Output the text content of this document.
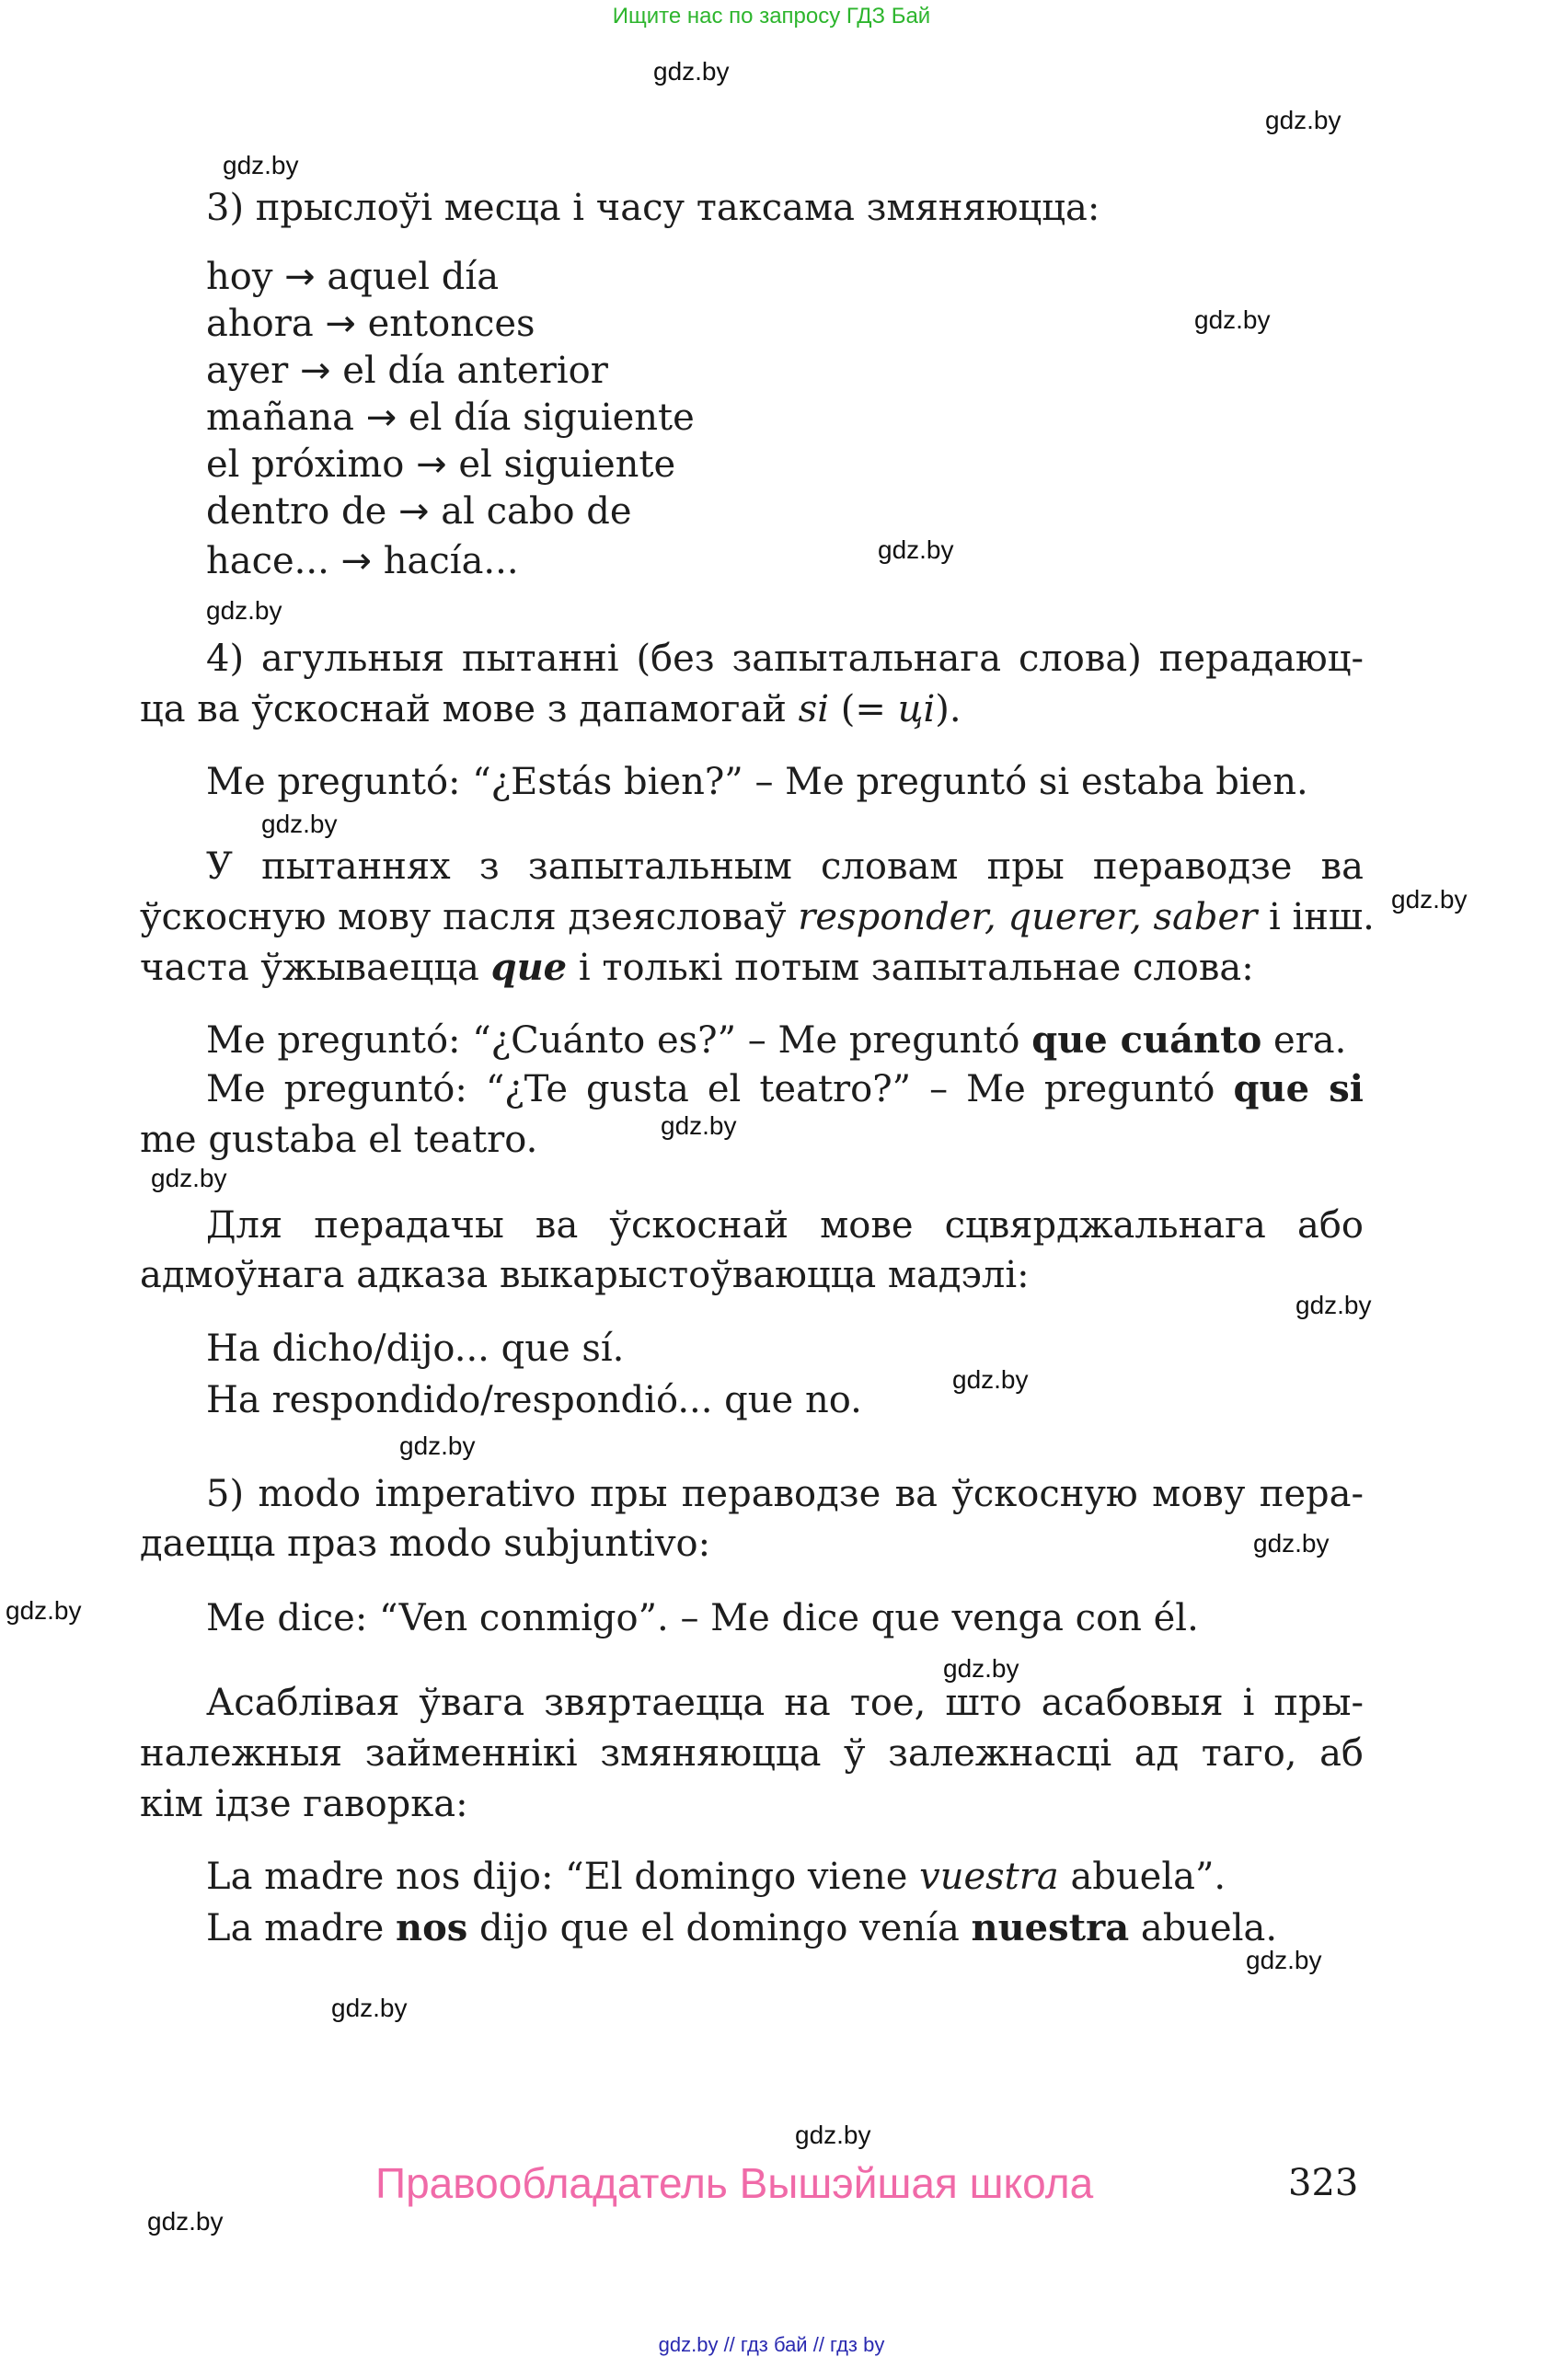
Ищите нас по запросу ГДЗ Бай
gdz.by
gdz.by
gdz.by
gdz.by
gdz.by
gdz.by
gdz.by
gdz.by
gdz.by
gdz.by
gdz.by
gdz.by
gdz.by
gdz.by
gdz.by
gdz.by
gdz.by
gdz.by
gdz.by
gdz.by
3) прыслоўі месца і часу таксама змяняюцца:
hoy → aquel día
ahora → entonces
ayer → el día anterior
mañana → el día siguiente
el próximo → el siguiente
dentro de → al cabo de
hace... → hacía...
4) агульныя пытанні (без запытальнага слова) перадаюц-
ца ва ўскоснай мове з дапамогай si (= ці).
Me preguntó: “¿Estás bien?” – Me preguntó si estaba bien.
У пытаннях з запытальным словам пры пераводзе ва
ўскосную мову пасля дзеясловаў responder, querer, saber і інш.
часта ўжываецца que і толькі потым запытальнае слова:
Me preguntó: “¿Cuánto es?” – Me preguntó que cuánto era.
Me preguntó: “¿Te gusta el teatro?” – Me preguntó que si
me gustaba el teatro.
Для перадачы ва ўскоснай мове сцвярджальнага або
адмоўнага адказа выкарыстоўваюцца мадэлі:
Ha dicho/dijo... que sí.
Ha respondido/respondió... que no.
5) modo imperativo пры пераводзе ва ўскосную мову пера-
даецца праз modo subjuntivo:
Me dice: “Ven conmigo”. – Me dice que venga con él.
Асаблівая ўвага звяртаецца на тое, што асабовыя і пры-
належныя займеннікі змяняюцца ў залежнасці ад таго, аб
кім ідзе гаворка:
La madre nos dijo: “El domingo viene vuestra abuela”.
La madre nos dijo que el domingo venía nuestra abuela.
Правообладатель Вышэйшая школа	323
gdz.by // гдз бай // гдз by
